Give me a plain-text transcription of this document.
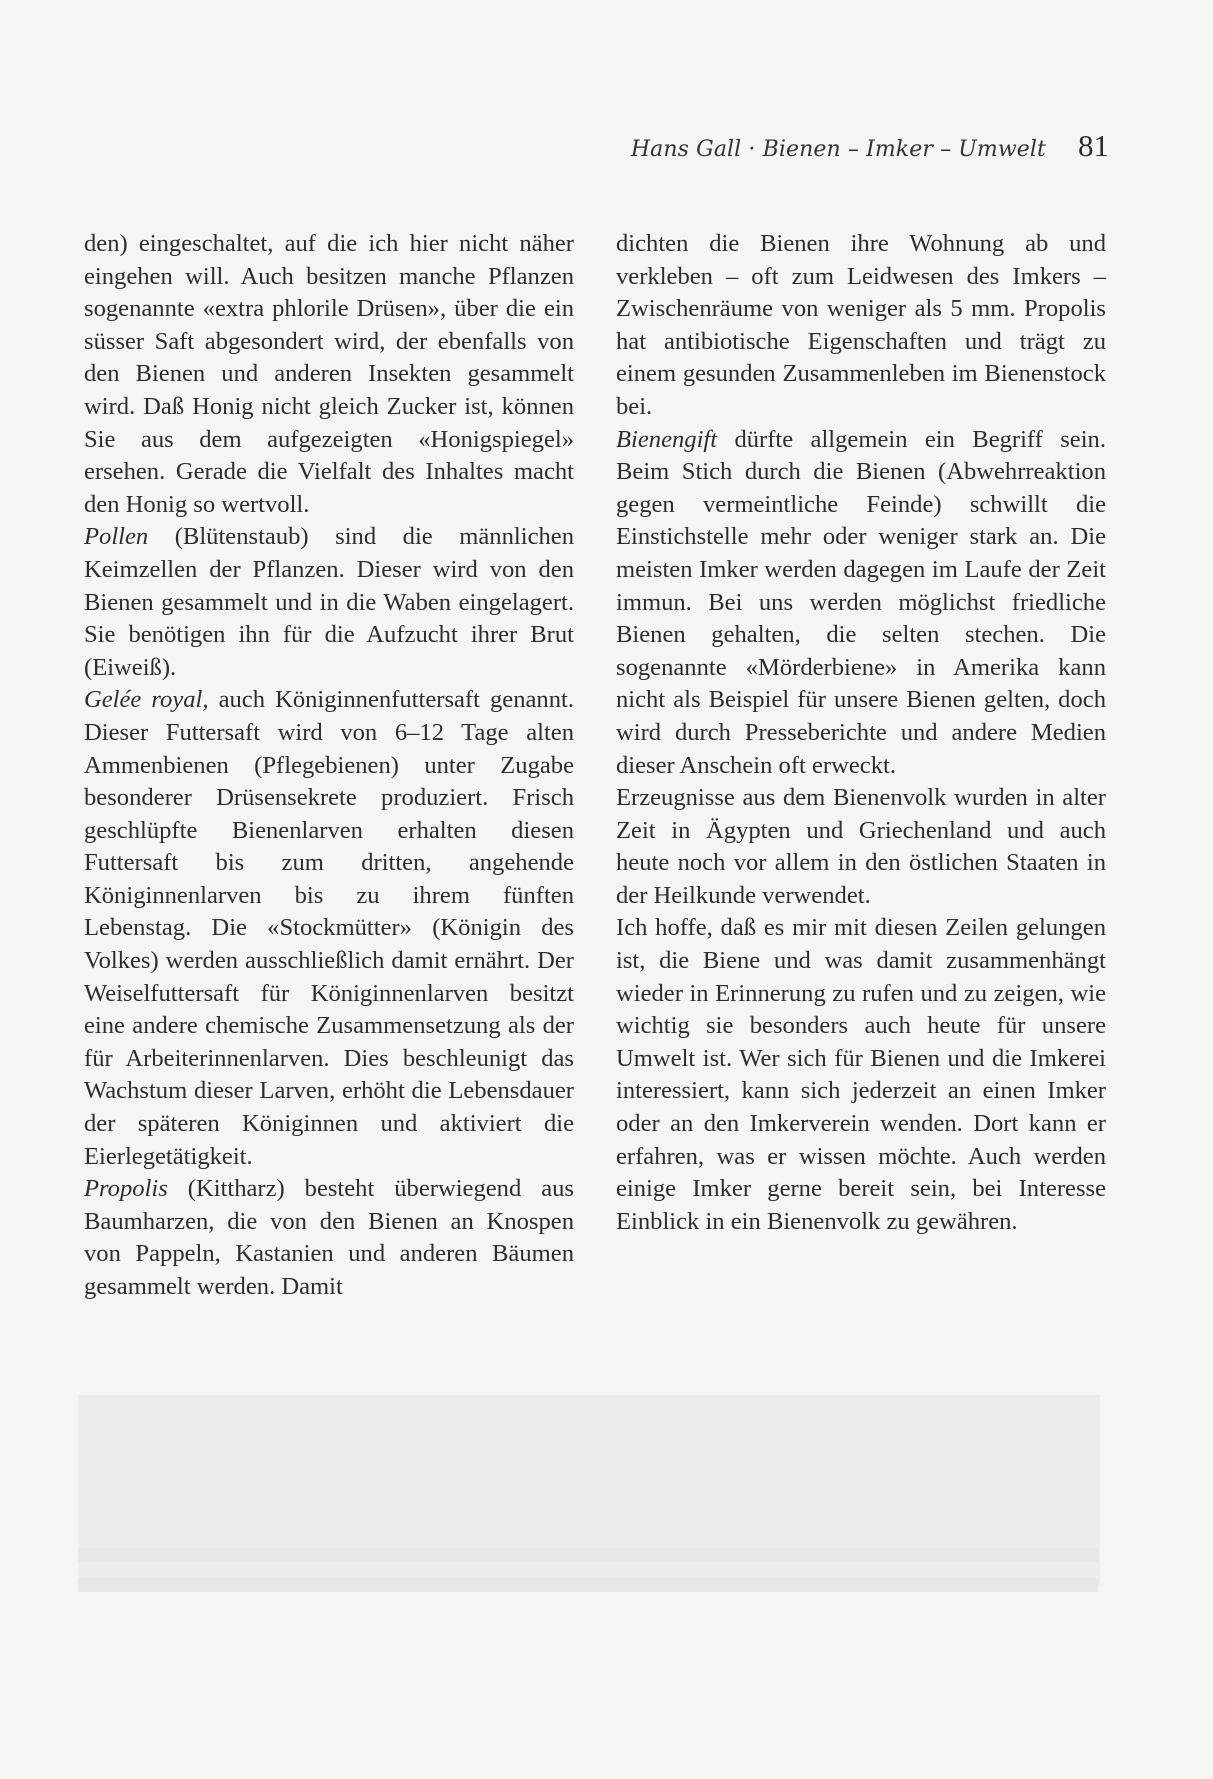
Hans Gall · Bienen – Imker – Umwelt 81

den) eingeschaltet, auf die ich hier nicht näher eingehen will. Auch besitzen manche Pflanzen sogenannte «extra phlorile Drüsen», über die ein süsser Saft abgesondert wird, der ebenfalls von den Bienen und anderen Insekten gesammelt wird. Daß Honig nicht gleich Zucker ist, können Sie aus dem aufgezeigten «Honigspiegel» ersehen. Gerade die Vielfalt des Inhaltes macht den Honig so wertvoll.

Pollen (Blütenstaub) sind die männlichen Keimzellen der Pflanzen. Dieser wird von den Bienen gesammelt und in die Waben eingelagert. Sie benötigen ihn für die Aufzucht ihrer Brut (Eiweiß).

Gelée royal, auch Königinnenfuttersaft genannt. Dieser Futtersaft wird von 6–12 Tage alten Ammenbienen (Pflegebienen) unter Zugabe besonderer Drüsensekrete produziert. Frisch geschlüpfte Bienenlarven erhalten diesen Futtersaft bis zum dritten, angehende Königinnenlarven bis zu ihrem fünften Lebenstag. Die «Stockmütter» (Königin des Volkes) werden ausschließlich damit ernährt. Der Weiselfuttersaft für Königinnenlarven besitzt eine andere chemische Zusammensetzung als der für Arbeiterinnenlarven. Dies beschleunigt das Wachstum dieser Larven, erhöht die Lebensdauer der späteren Königinnen und aktiviert die Eierlegetätigkeit.

Propolis (Kittharz) besteht überwiegend aus Baumharzen, die von den Bienen an Knospen von Pappeln, Kastanien und anderen Bäumen gesammelt werden. Damit

dichten die Bienen ihre Wohnung ab und verkleben – oft zum Leidwesen des Imkers – Zwischenräume von weniger als 5 mm. Propolis hat antibiotische Eigenschaften und trägt zu einem gesunden Zusammenleben im Bienenstock bei.

Bienengift dürfte allgemein ein Begriff sein. Beim Stich durch die Bienen (Abwehrreaktion gegen vermeintliche Feinde) schwillt die Einstichstelle mehr oder weniger stark an. Die meisten Imker werden dagegen im Laufe der Zeit immun. Bei uns werden möglichst friedliche Bienen gehalten, die selten stechen. Die sogenannte «Mörderbiene» in Amerika kann nicht als Beispiel für unsere Bienen gelten, doch wird durch Presseberichte und andere Medien dieser Anschein oft erweckt.

Erzeugnisse aus dem Bienenvolk wurden in alter Zeit in Ägypten und Griechenland und auch heute noch vor allem in den östlichen Staaten in der Heilkunde verwendet.

Ich hoffe, daß es mir mit diesen Zeilen gelungen ist, die Biene und was damit zusammenhängt wieder in Erinnerung zu rufen und zu zeigen, wie wichtig sie besonders auch heute für unsere Umwelt ist. Wer sich für Bienen und die Imkerei interessiert, kann sich jederzeit an einen Imker oder an den Imkerverein wenden. Dort kann er erfahren, was er wissen möchte. Auch werden einige Imker gerne bereit sein, bei Interesse Einblick in ein Bienenvolk zu gewähren.
